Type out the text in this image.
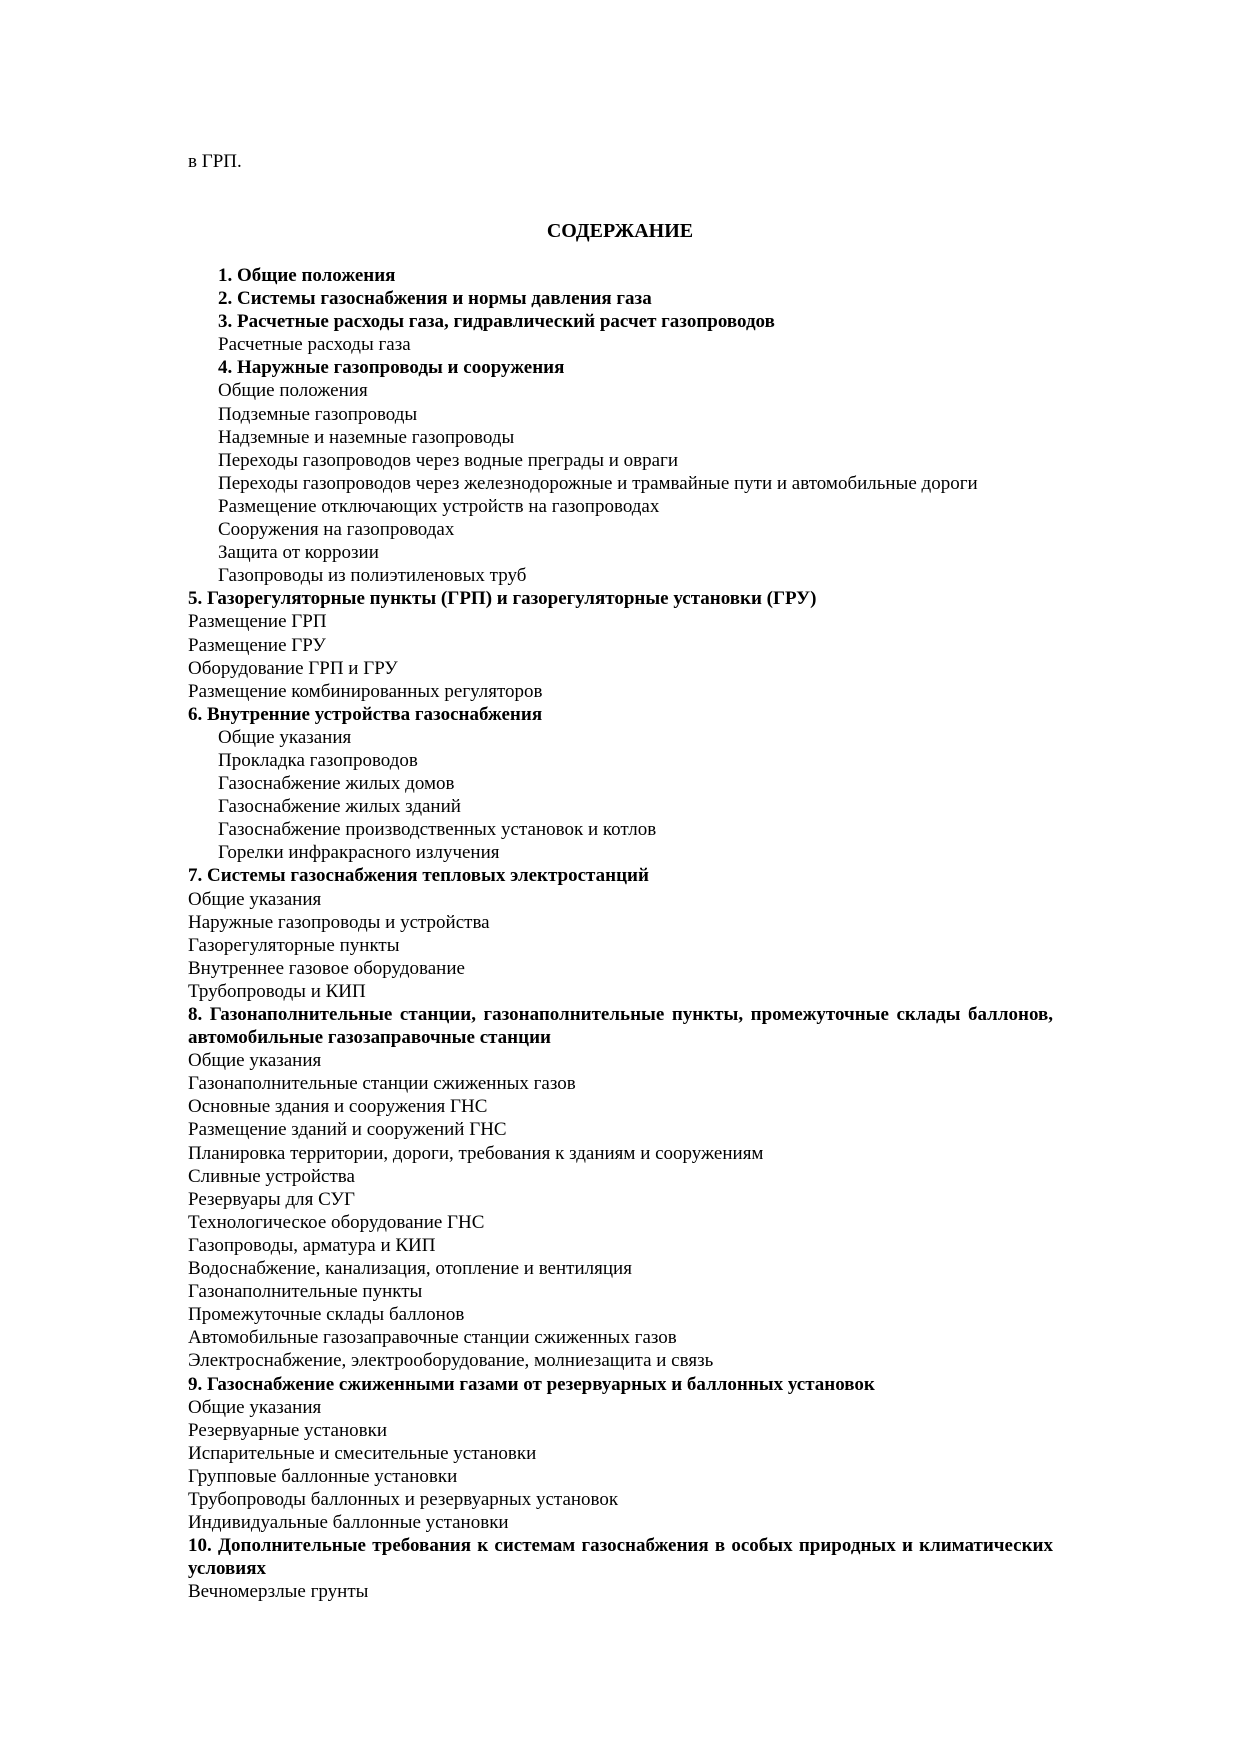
в ГРП.

СОДЕРЖАНИЕ
1. Общие положения
2. Системы газоснабжения и нормы давления газа
3. Расчетные расходы газа, гидравлический расчет газопроводов
Расчетные расходы газа
4. Наружные газопроводы и сооружения
Общие положения
Подземные газопроводы
Надземные и наземные газопроводы
Переходы газопроводов через водные преграды и овраги
Переходы газопроводов через железнодорожные и трамвайные пути и автомобильные дороги
Размещение отключающих устройств на газопроводах
Сооружения на газопроводах
Защита от коррозии
Газопроводы из полиэтиленовых труб
5. Газорегуляторные пункты (ГРП) и газорегуляторные установки (ГРУ)
Размещение ГРП
Размещение ГРУ
Оборудование ГРП и ГРУ
Размещение комбинированных регуляторов
6. Внутренние устройства газоснабжения
Общие указания
Прокладка газопроводов
Газоснабжение жилых домов
Газоснабжение жилых зданий
Газоснабжение производственных установок и котлов
Горелки инфракрасного излучения
7. Системы газоснабжения тепловых электростанций
Общие указания
Наружные газопроводы и устройства
Газорегуляторные пункты
Внутреннее газовое оборудование
Трубопроводы и КИП
8. Газонаполнительные станции, газонаполнительные пункты, промежуточные склады баллонов, автомобильные газозаправочные станции
Общие указания
Газонаполнительные станции сжиженных газов
Основные здания и сооружения ГНС
Размещение зданий и сооружений ГНС
Планировка территории, дороги, требования к зданиям и сооружениям
Сливные устройства
Резервуары для СУГ
Технологическое оборудование ГНС
Газопроводы, арматура и КИП
Водоснабжение, канализация, отопление и вентиляция
Газонаполнительные пункты
Промежуточные склады баллонов
Автомобильные газозаправочные станции сжиженных газов
Электроснабжение, электрооборудование, молниезащита и связь
9. Газоснабжение сжиженными газами от резервуарных и баллонных установок
Общие указания
Резервуарные установки
Испарительные и смесительные установки
Групповые баллонные установки
Трубопроводы баллонных и резервуарных установок
Индивидуальные баллонные установки
10. Дополнительные требования к системам газоснабжения в особых природных и климатических условиях
Вечномерзлые грунты
